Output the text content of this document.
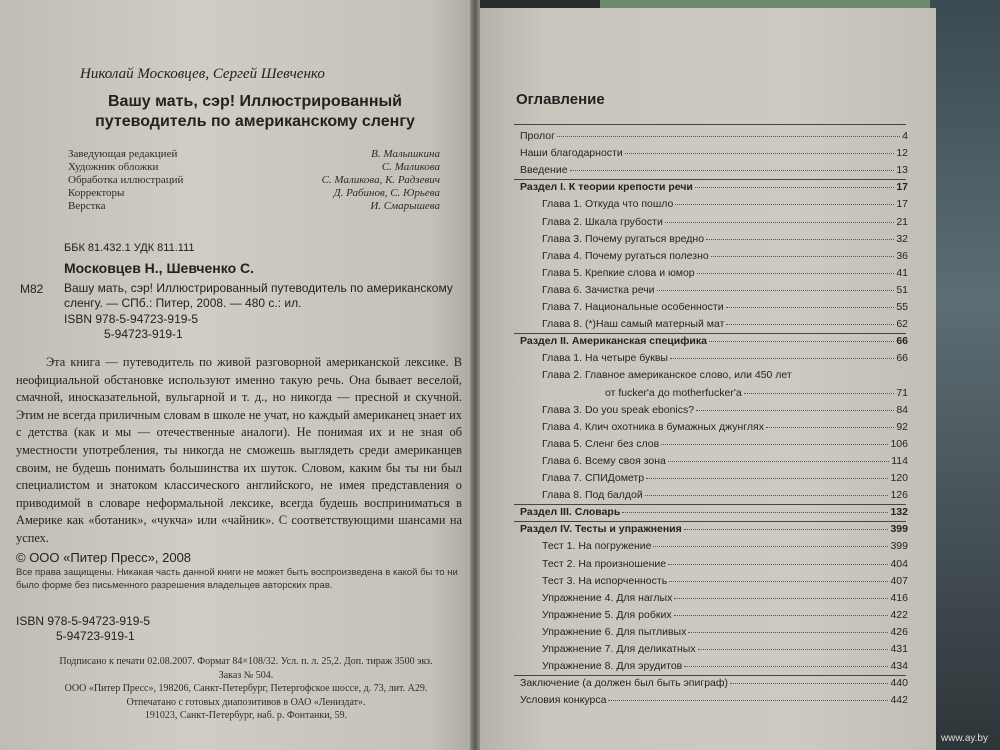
Николай Московцев, Сергей Шевченко
Вашу мать, сэр! Иллюстрированный путеводитель по американскому сленгу
Заведующая редакцией	В. Малышкина
Художник обложки	С. Маликова
Обработка иллюстраций	С. Маликова, К. Радзевич
Корректоры	Д. Рабинов, С. Юрьева
Верстка	И. Смарышева
ББК 81.432.1 УДК 811.111
Московцев Н., Шевченко С.
М82 Вашу мать, сэр! Иллюстрированный путеводитель по американскому сленгу. — СПб.: Питер, 2008. — 480 с.: ил.
ISBN 978-5-94723-919-5
5-94723-919-1
Эта книга — путеводитель по живой разговорной американской лексике. В неофициальной обстановке используют именно такую речь. Она бывает веселой, смачной, иносказательной, вульгарной и т. д., но никогда — пресной и скучной. Этим не всегда приличным словам в школе не учат, но каждый американец знает их с детства (как и мы — отечественные аналоги). Не понимая их и не зная об уместности употребления, ты никогда не сможешь выглядеть среди американцев своим, не будешь понимать большинства их шуток. Словом, каким бы ты ни был специалистом и знатоком классического английского, не имея представления о приводимой в словаре неформальной лексике, всегда будешь восприниматься в Америке как «ботаник», «чукча» или «чайник». С соответствующими шансами на успех.
© ООО «Питер Пресс», 2008
Все права защищены. Никакая часть данной книги не может быть воспроизведена в какой бы то ни было форме без письменного разрешения владельцев авторских прав.
ISBN 978-5-94723-919-5
5-94723-919-1
Подписано к печати 02.08.2007. Формат 84×108/32. Усл. п. л. 25,2. Доп. тираж 3500 экз.
Заказ № 504.
ООО «Питер Пресс», 198206, Санкт-Петербург, Петергофское шоссе, д. 73, лит. А29.
Отпечатано с готовых диапозитивов в ОАО «Лениздат».
191023, Санкт-Петербург, наб. р. Фонтанки, 59.
Оглавление
Пролог	4
Наши благодарности	12
Введение	13
Раздел I. К теории крепости речи	17
Глава 1. Откуда что пошло	17
Глава 2. Шкала грубости	21
Глава 3. Почему ругаться вредно	32
Глава 4. Почему ругаться полезно	36
Глава 5. Крепкие слова и юмор	41
Глава 6. Зачистка речи	51
Глава 7. Национальные особенности	55
Глава 8. (*)Наш самый матерный мат	62
Раздел II. Американская специфика	66
Глава 1. На четыре буквы	66
Глава 2. Главное американское слово, или 450 лет
от fucker'а до motherfucker'а	71
Глава 3. Do you speak ebonics?	84
Глава 4. Клич охотника в бумажных джунглях	92
Глава 5. Сленг без слов	106
Глава 6. Всему своя зона	114
Глава 7. СПИДометр	120
Глава 8. Под балдой	126
Раздел III. Словарь	132
Раздел IV. Тесты и упражнения	399
Тест 1. На погружение	399
Тест 2. На произношение	404
Тест 3. На испорченность	407
Упражнение 4. Для наглых	416
Упражнение 5. Для робких	422
Упражнение 6. Для пытливых	426
Упражнение 7. Для деликатных	431
Упражнение 8. Для эрудитов	434
Заключение (а должен был быть эпиграф)	440
Условия конкурса	442
www.ay.by
